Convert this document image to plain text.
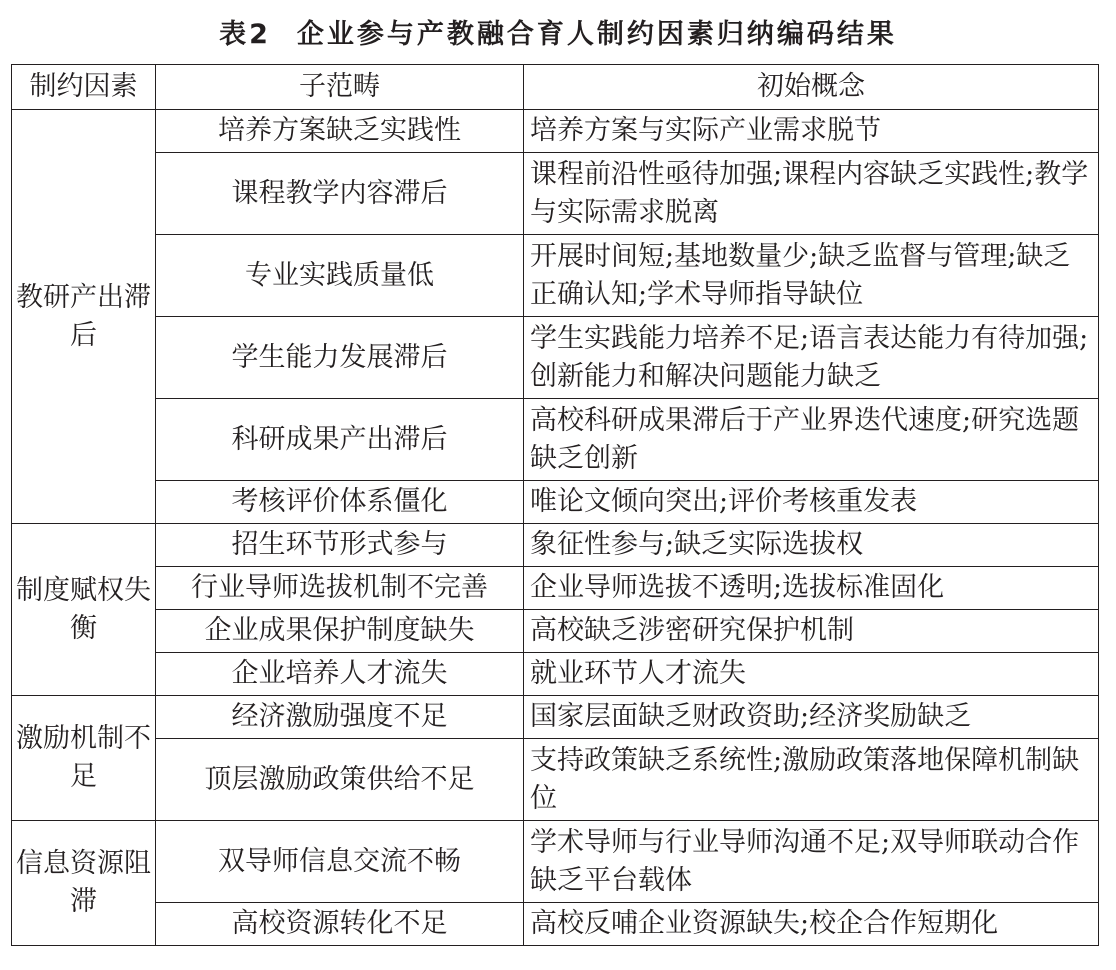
表2 企业参与产教融合育人制约因素归纳编码结果
制约因素	子范畴	初始概念
教研产出滞后	培养方案缺乏实践性	培养方案与实际产业需求脱节
	课程教学内容滞后	课程前沿性亟待加强;课程内容缺乏实践性;教学与实际需求脱离
	专业实践质量低	开展时间短;基地数量少;缺乏监督与管理;缺乏正确认知;学术导师指导缺位
	学生能力发展滞后	学生实践能力培养不足;语言表达能力有待加强;创新能力和解决问题能力缺乏
	科研成果产出滞后	高校科研成果滞后于产业界迭代速度;研究选题缺乏创新
	考核评价体系僵化	唯论文倾向突出;评价考核重发表
制度赋权失衡	招生环节形式参与	象征性参与;缺乏实际选拔权
	行业导师选拔机制不完善	企业导师选拔不透明;选拔标准固化
	企业成果保护制度缺失	高校缺乏涉密研究保护机制
	企业培养人才流失	就业环节人才流失
激励机制不足	经济激励强度不足	国家层面缺乏财政资助;经济奖励缺乏
	顶层激励政策供给不足	支持政策缺乏系统性;激励政策落地保障机制缺位
信息资源阻滞	双导师信息交流不畅	学术导师与行业导师沟通不足;双导师联动合作缺乏平台载体
	高校资源转化不足	高校反哺企业资源缺失;校企合作短期化
